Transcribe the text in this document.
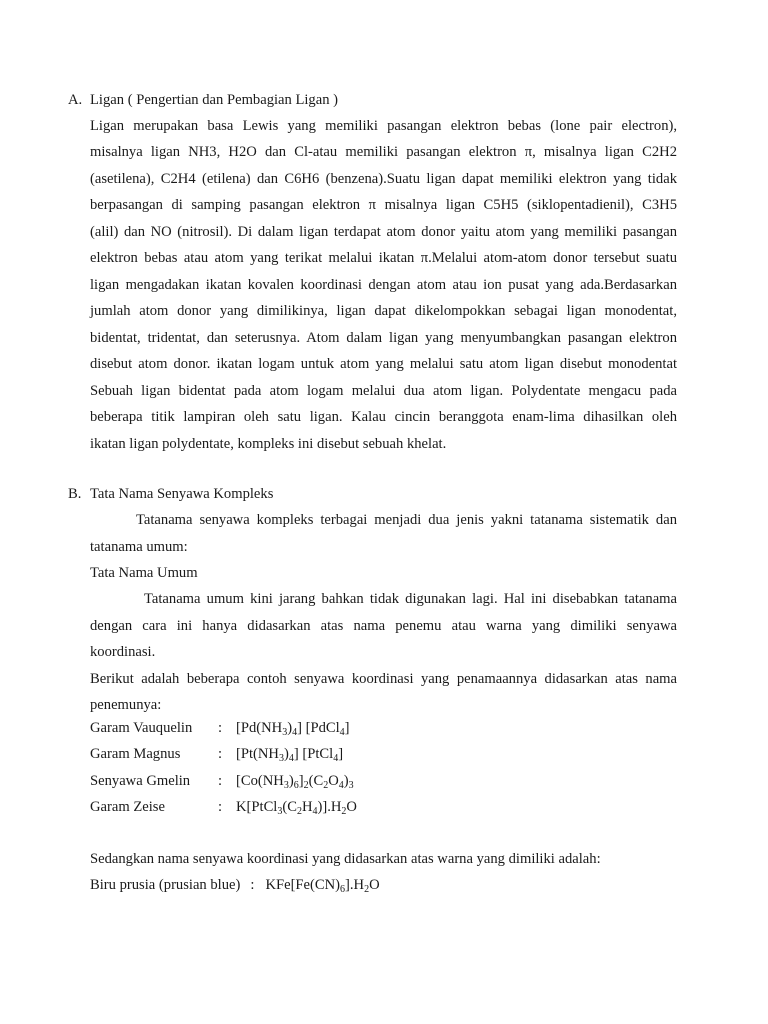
A. Ligan ( Pengertian dan Pembagian Ligan )
Ligan merupakan basa Lewis yang memiliki pasangan elektron bebas (lone pair electron),
misalnya ligan NH3, H2O dan Cl-atau memiliki pasangan elektron π, misalnya ligan C2H2
(asetilena), C2H4 (etilena) dan C6H6 (benzena).Suatu ligan dapat memiliki elektron yang tidak
berpasangan di samping pasangan elektron π misalnya ligan C5H5 (siklopentadienil), C3H5
(alil) dan NO (nitrosil). Di dalam ligan terdapat atom donor yaitu atom yang memiliki pasangan
elektron bebas atau atom yang terikat melalui ikatan π.Melalui atom-atom donor tersebut suatu
ligan mengadakan ikatan kovalen koordinasi dengan atom atau ion pusat yang ada.Berdasarkan
jumlah atom donor yang dimilikinya, ligan dapat dikelompokkan sebagai ligan monodentat,
bidentat, tridentat, dan seterusnya. Atom dalam ligan yang menyumbangkan pasangan elektron
disebut atom donor. ikatan logam untuk atom yang melalui satu atom ligan disebut monodentat
Sebuah ligan bidentat pada atom logam melalui dua atom ligan. Polydentate mengacu pada
beberapa titik lampiran oleh satu ligan. Kalau cincin beranggota enam-lima dihasilkan oleh
ikatan ligan polydentate, kompleks ini disebut sebuah khelat.
B. Tata Nama Senyawa Kompleks
Tatanama senyawa kompleks terbagai menjadi dua jenis yakni tatanama sistematik dan
tatanama umum:
Tata Nama Umum
Tatanama umum kini jarang bahkan tidak digunakan lagi. Hal ini disebabkan tatanama
dengan cara ini hanya didasarkan atas nama penemu atau warna yang dimiliki senyawa
koordinasi.
Berikut adalah beberapa contoh senyawa koordinasi yang penamaannya didasarkan atas nama
penemunya:
Garam Vauquelin : $[Pd(NH_3)_4]$ [PdCl$_4$]
Garam Magnus	: $[Pt(NH_3)_4]$ [PtCl$_4$]
Senyawa Gmelin : $[Co(NH_3)_6]_2(C_2O_4)_3$
Garam Zeise	: $K[PtCl_3(C_2H_4)].H_2O$
Sedangkan nama senyawa koordinasi yang didasarkan atas warna yang dimiliki adalah:
Biru prusia (prusian blue) : $KFe[Fe(CN)_6].H_2O$
